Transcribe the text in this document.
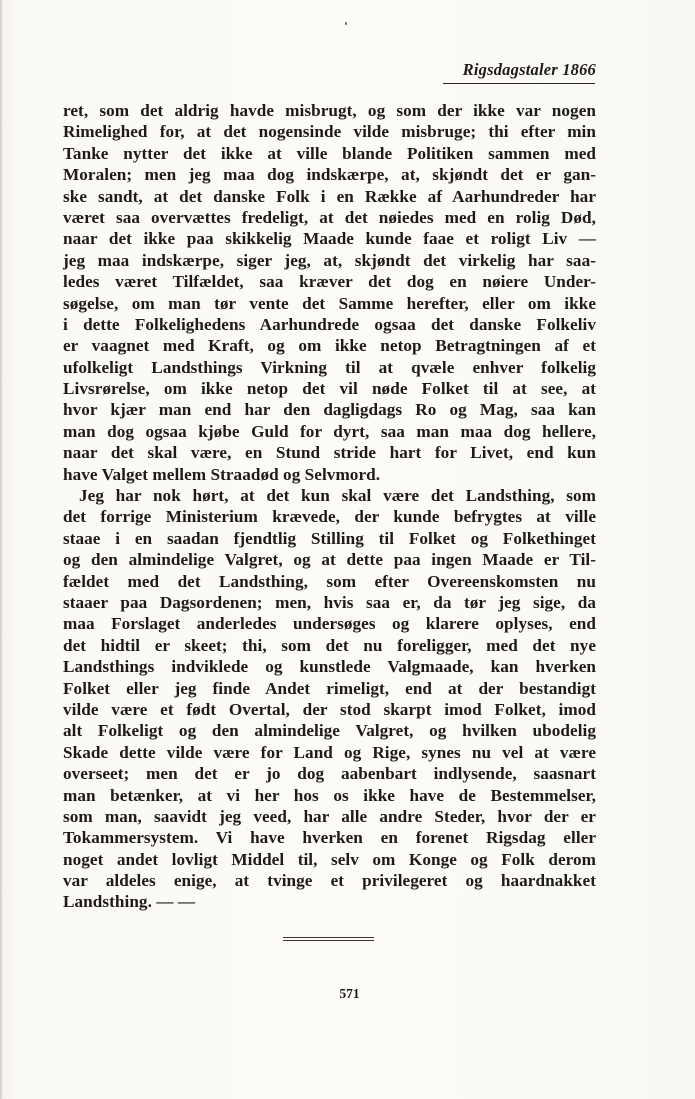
Rigsdagstaler 1866
ret, som det aldrig havde misbrugt, og som der ikke var nogen
Rimelighed for, at det nogensinde vilde misbruge; thi efter min
Tanke nytter det ikke at ville blande Politiken sammen med
Moralen; men jeg maa dog indskærpe, at, skjøndt det er gan-
ske sandt, at det danske Folk i en Række af Aarhundreder har
været saa overvættes fredeligt, at det nøiedes med en rolig Død,
naar det ikke paa skikkelig Maade kunde faae et roligt Liv —
jeg maa indskærpe, siger jeg, at, skjøndt det virkelig har saa-
ledes været Tilfældet, saa kræver det dog en nøiere Under-
søgelse, om man tør vente det Samme herefter, eller om ikke
i dette Folkelighedens Aarhundrede ogsaa det danske Folkeliv
er vaagnet med Kraft, og om ikke netop Betragtningen af et
ufolkeligt Landsthings Virkning til at qvæle enhver folkelig
Livsrørelse, om ikke netop det vil nøde Folket til at see, at
hvor kjær man end har den dagligdags Ro og Mag, saa kan
man dog ogsaa kjøbe Guld for dyrt, saa man maa dog hellere,
naar det skal være, en Stund stride hart for Livet, end kun
have Valget mellem Straadød og Selvmord.
Jeg har nok hørt, at det kun skal være det Landsthing, som
det forrige Ministerium krævede, der kunde befrygtes at ville
staae i en saadan fjendtlig Stilling til Folket og Folkethinget
og den almindelige Valgret, og at dette paa ingen Maade er Til-
fældet med det Landsthing, som efter Overeenskomsten nu
staaer paa Dagsordenen; men, hvis saa er, da tør jeg sige, da
maa Forslaget anderledes undersøges og klarere oplyses, end
det hidtil er skeet; thi, som det nu foreligger, med det nye
Landsthings indviklede og kunstlede Valgmaade, kan hverken
Folket eller jeg finde Andet rimeligt, end at der bestandigt
vilde være et født Overtal, der stod skarpt imod Folket, imod
alt Folkeligt og den almindelige Valgret, og hvilken ubodelig
Skade dette vilde være for Land og Rige, synes nu vel at være
overseet; men det er jo dog aabenbart indlysende, saasnart
man betænker, at vi her hos os ikke have de Bestemmelser,
som man, saavidt jeg veed, har alle andre Steder, hvor der er
Tokammersystem. Vi have hverken en forenet Rigsdag eller
noget andet lovligt Middel til, selv om Konge og Folk derom
var aldeles enige, at tvinge et privilegeret og haardnakket
Landsthing. — —
571
